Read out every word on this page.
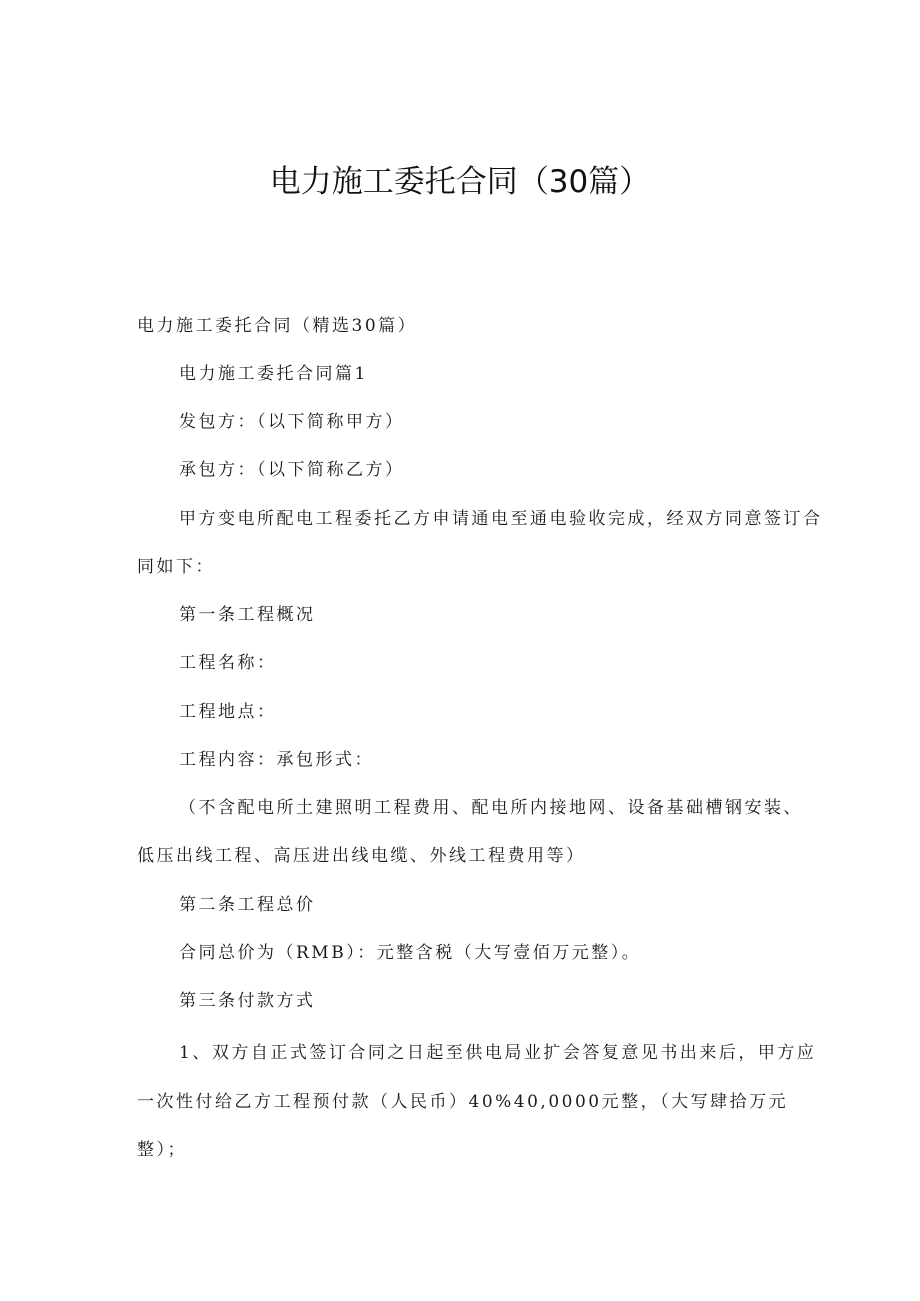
电力施工委托合同（30篇）
电力施工委托合同（精选30篇）
电力施工委托合同篇1
发包方：（以下简称甲方）
承包方：（以下简称乙方）
甲方变电所配电工程委托乙方申请通电至通电验收完成，经双方同意签订合
同如下：
第一条工程概况
工程名称：
工程地点：
工程内容：承包形式：
（不含配电所土建照明工程费用、配电所内接地网、设备基础槽钢安装、
低压出线工程、高压进出线电缆、外线工程费用等）
第二条工程总价
合同总价为（RMB）：元整含税（大写壹佰万元整）。
第三条付款方式
1、双方自正式签订合同之日起至供电局业扩会答复意见书出来后，甲方应
一次性付给乙方工程预付款（人民币）40%40,0000元整，（大写肆拾万元
整）；
